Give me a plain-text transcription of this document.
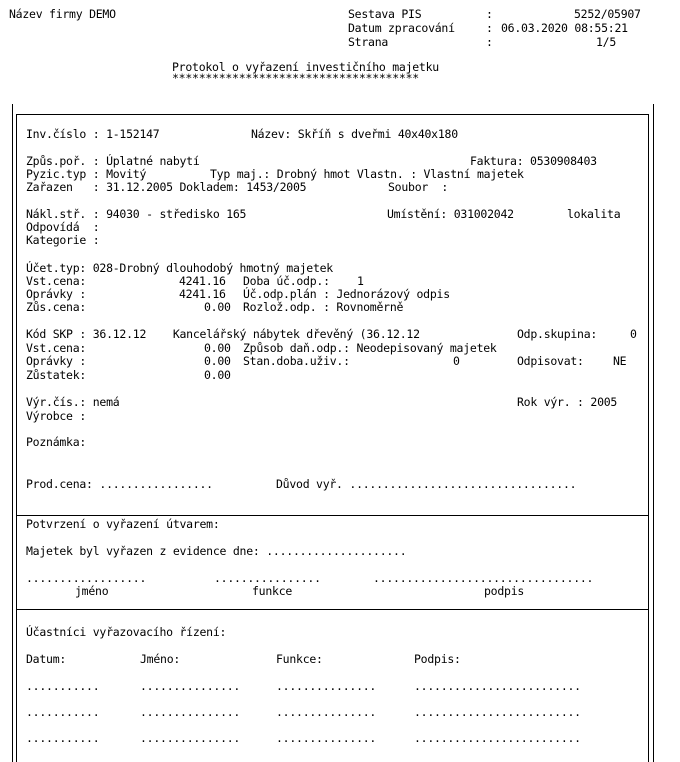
Název firmy DEMO	Sestava PIS	:	5252/05907
Datum zpracování	: 06.03.2020 08:55:21
Strana	:	1/5
Protokol o vyřazení investičního majetku
*************************************
Inv.číslo : 1-152147	Název: Skříň s dveřmi 40x40x180
Způs.poř. : Úplatné nabytí	Faktura: 0530908403
Pyzic.typ : Movitý	Typ maj.: Drobný hmot Vlastn. : Vlastní majetek
Zařazen   : 31.12.2005 Dokladem: 1453/2005	Soubor  :
Nákl.stř. : 94030 - středisko 165	Umístění: 031002042	lokalita
Odpovídá  :
Kategorie :
Účet.typ: 028-Drobný dlouhodobý hmotný majetek
Vst.cena:	4241.16 Doba úč.odp.: 1
Oprávky :	4241.16 Úč.odp.plán : Jednorázový odpis
Zůs.cena:	0.00 Rozlož.odp. : Rovnoměrně
Kód SKP : 36.12.12    Kancelářský nábytek dřevěný (36.12.12	Odp.skupina:	0
Vst.cena:	0.00 Způsob daň.odp.: Neodepisovaný majetek
Oprávky :	0.00 Stan.doba.uživ.:	0	Odpisovat:	NE
Zůstatek:	0.00
Výr.čís.: nemá	Rok výr. : 2005
Výrobce :
Poznámka:
Prod.cena: .................	Důvod vyř. ..................................
Potvrzení o vyřazení útvarem:
Majetek byl vyřazen z evidence dne: .....................
..................	................	.................................
jméno	funkce	podpis
Účastníci vyřazovacího řízení:
Datum:	Jméno:	Funkce:	Podpis:
...........	...............	...............	.........................
...........	...............	...............	.........................
...........	...............	...............	.........................
